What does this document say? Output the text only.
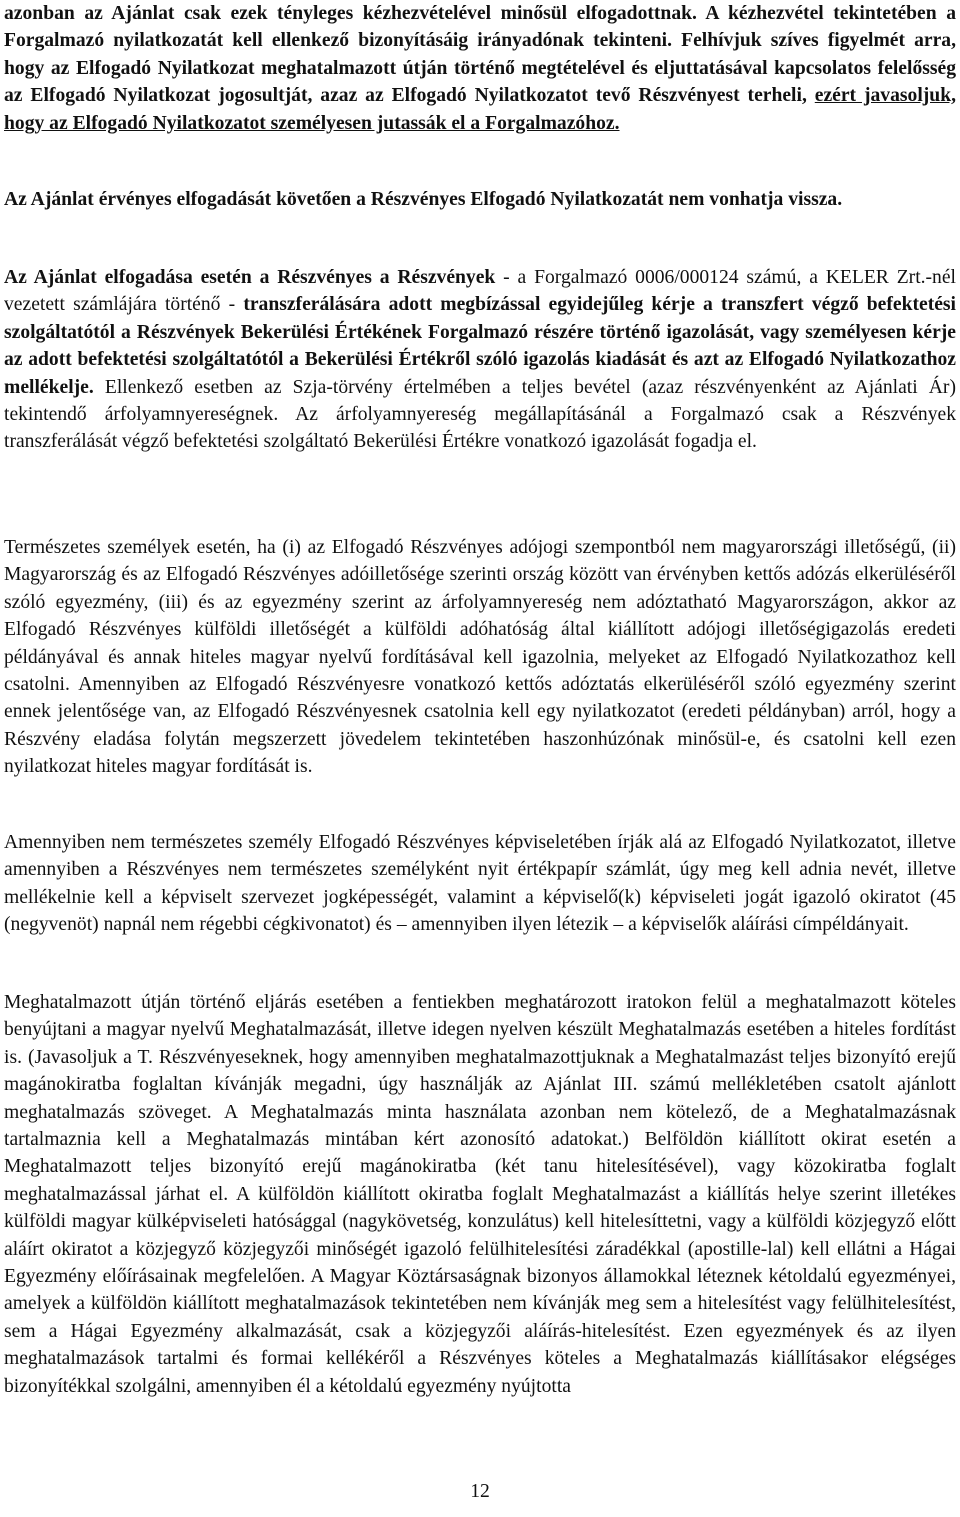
azonban az Ajánlat csak ezek tényleges kézhezvételével minősül elfogadottnak. A kézhezvétel tekintetében a Forgalmazó nyilatkozatát kell ellenkező bizonyításáig irányadónak tekinteni. Felhívjuk szíves figyelmét arra, hogy az Elfogadó Nyilatkozat meghatalmazott útján történő megtételével és eljuttatásával kapcsolatos felelősség az Elfogadó Nyilatkozat jogosultját, azaz az Elfogadó Nyilatkozatot tevő Részvényest terheli, ezért javasoljuk, hogy az Elfogadó Nyilatkozatot személyesen jutassák el a Forgalmazóhoz.

Az Ajánlat érvényes elfogadását követően a Részvényes Elfogadó Nyilatkozatát nem vonhatja vissza.

Az Ajánlat elfogadása esetén a Részvényes a Részvények - a Forgalmazó 0006/000124 számú, a KELER Zrt.-nél vezetett számlájára történő - transzferálására adott megbízással egyidejűleg kérje a transzfert végző befektetési szolgáltatótól a Részvények Bekerülési Értékének Forgalmazó részére történő igazolását, vagy személyesen kérje az adott befektetési szolgáltatótól a Bekerülési Értékről szóló igazolás kiadását és azt az Elfogadó Nyilatkozathoz mellékelje. Ellenkező esetben az Szja-törvény értelmében a teljes bevétel (azaz részvényenként az Ajánlati Ár) tekintendő árfolyamnyereségnek. Az árfolyamnyereség megállapításánál a Forgalmazó csak a Részvények transzferálását végző befektetési szolgáltató Bekerülési Értékre vonatkozó igazolását fogadja el.

Természetes személyek esetén, ha (i) az Elfogadó Részvényes adójogi szempontból nem magyarországi illetőségű, (ii) Magyarország és az Elfogadó Részvényes adóilletősége szerinti ország között van érvényben kettős adózás elkerüléséről szóló egyezmény, (iii) és az egyezmény szerint az árfolyamnyereség nem adóztatható Magyarországon, akkor az Elfogadó Részvényes külföldi illetőségét a külföldi adóhatóság által kiállított adójogi illetőségigazolás eredeti példányával és annak hiteles magyar nyelvű fordításával kell igazolnia, melyeket az Elfogadó Nyilatkozathoz kell csatolni. Amennyiben az Elfogadó Részvényesre vonatkozó kettős adóztatás elkerüléséről szóló egyezmény szerint ennek jelentősége van, az Elfogadó Részvényesnek csatolnia kell egy nyilatkozatot (eredeti példányban) arról, hogy a Részvény eladása folytán megszerzett jövedelem tekintetében haszonhúzónak minősül-e, és csatolni kell ezen nyilatkozat hiteles magyar fordítását is.

Amennyiben nem természetes személy Elfogadó Részvényes képviseletében írják alá az Elfogadó Nyilatkozatot, illetve amennyiben a Részvényes nem természetes személyként nyit értékpapír számlát, úgy meg kell adnia nevét, illetve mellékelnie kell a képviselt szervezet jogképességét, valamint a képviselő(k) képviseleti jogát igazoló okiratot (45 (negyvenöt) napnál nem régebbi cégkivonatot) és – amennyiben ilyen létezik – a képviselők aláírási címpéldányait.

Meghatalmazott útján történő eljárás esetében a fentiekben meghatározott iratokon felül a meghatalmazott köteles benyújtani a magyar nyelvű Meghatalmazását, illetve idegen nyelven készült Meghatalmazás esetében a hiteles fordítást is. (Javasoljuk a T. Részvényeseknek, hogy amennyiben meghatalmazottjuknak a Meghatalmazást teljes bizonyító erejű magánokiratba foglaltan kívánják megadni, úgy használják az Ajánlat III. számú mellékletében csatolt ajánlott meghatalmazás szöveget. A Meghatalmazás minta használata azonban nem kötelező, de a Meghatalmazásnak tartalmaznia kell a Meghatalmazás mintában kért azonosító adatokat.) Belföldön kiállított okirat esetén a Meghatalmazott teljes bizonyító erejű magánokiratba (két tanu hitelesítésével), vagy közokiratba foglalt meghatalmazással járhat el. A külföldön kiállított okiratba foglalt Meghatalmazást a kiállítás helye szerint illetékes külföldi magyar külképviseleti hatósággal (nagykövetség, konzulátus) kell hitelesíttetni, vagy a külföldi közjegyző előtt aláírt okiratot a közjegyző közjegyzői minőségét igazoló felülhitelesítési záradékkal (apostille-lal) kell ellátni a Hágai Egyezmény előírásainak megfelelően. A Magyar Köztársaságnak bizonyos államokkal léteznek kétoldalú egyezményei, amelyek a külföldön kiállított meghatalmazások tekintetében nem kívánják meg sem a hitelesítést vagy felülhitelesítést, sem a Hágai Egyezmény alkalmazását, csak a közjegyzői aláírás-hitelesítést. Ezen egyezmények és az ilyen meghatalmazások tartalmi és formai kellékéről a Részvényes köteles a Meghatalmazás kiállításakor elégséges bizonyítékkal szolgálni, amennyiben él a kétoldalú egyezmény nyújtotta

12
